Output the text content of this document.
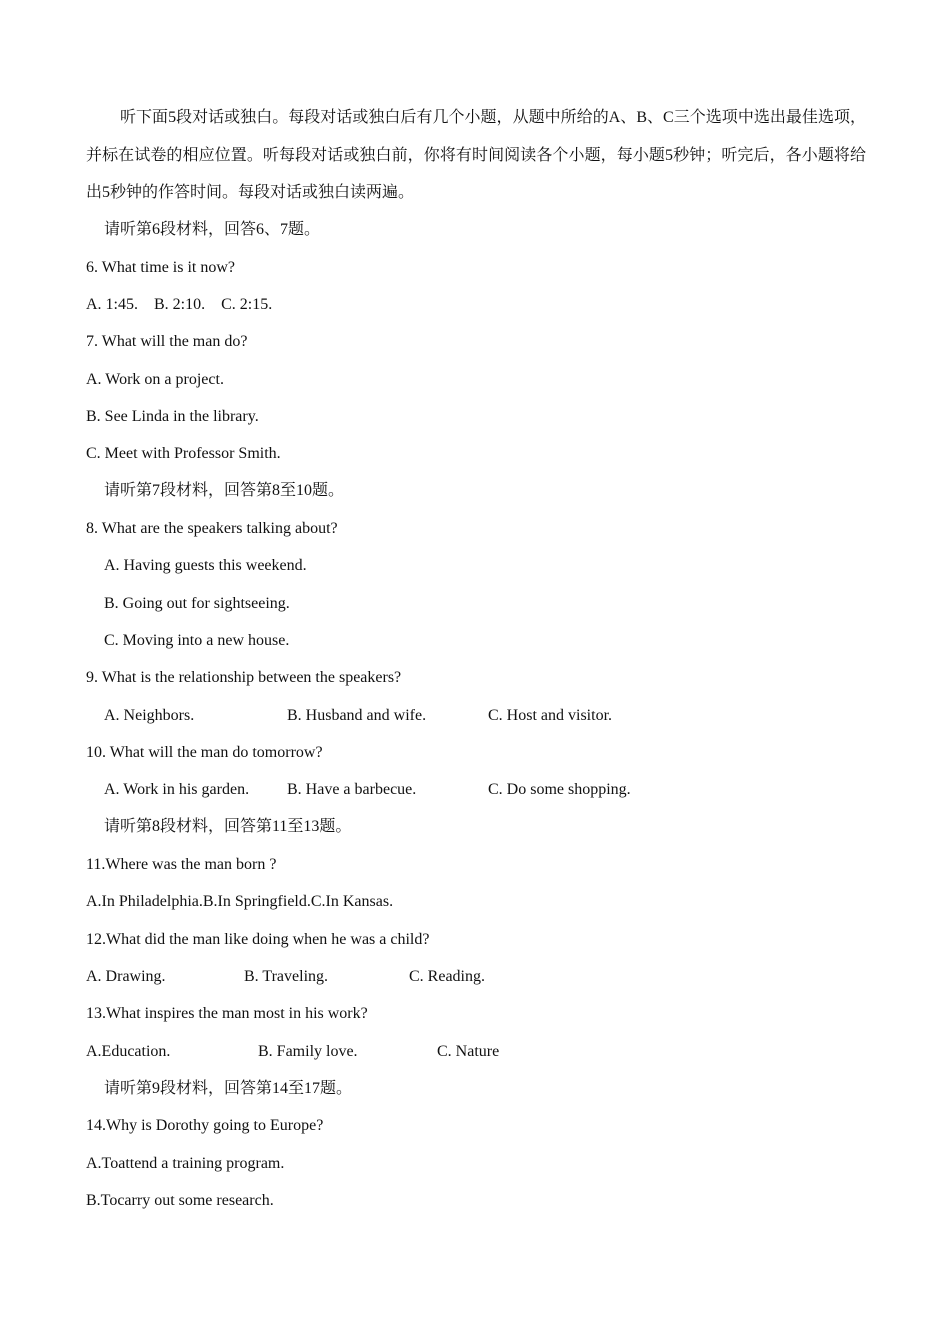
听下面5段对话或独白。每段对话或独白后有几个小题，从题中所给的A、B、C三个选项中选出最佳选项，并标在试卷的相应位置。听每段对话或独白前，你将有时间阅读各个小题，每小题5秒钟；听完后，各小题将给出5秒钟的作答时间。每段对话或独白读两遍。
请听第6段材料，回答6、7题。
6. What time is it now?
A. 1:45.    B. 2:10.    C. 2:15.
7. What will the man do?
A. Work on a project.
B. See Linda in the library.
C. Meet with Professor Smith.
请听第7段材料，回答第8至10题。
8. What are the speakers talking about?
A. Having guests this weekend.
B. Going out for sightseeing.
C. Moving into a new house.
9. What is the relationship between the speakers?
A. Neighbors.	B. Husband and wife.	C. Host and visitor.
10. What will the man do tomorrow?
A. Work in his garden. B. Have a barbecue.	C. Do some shopping.
请听第8段材料，回答第11至13题。
11.Where was the man born ?
A.In Philadelphia.B.In Springfield.C.In Kansas.
12.What did the man like doing when he was a child?
A. Drawing.	B. Traveling.	C. Reading.
13.What inspires the man most in his work?
A.Education.	B. Family love.	C. Nature
请听第9段材料，回答第14至17题。
14.Why is Dorothy going to Europe?
A.Toattend a training program.
B.Tocarry out some research.
